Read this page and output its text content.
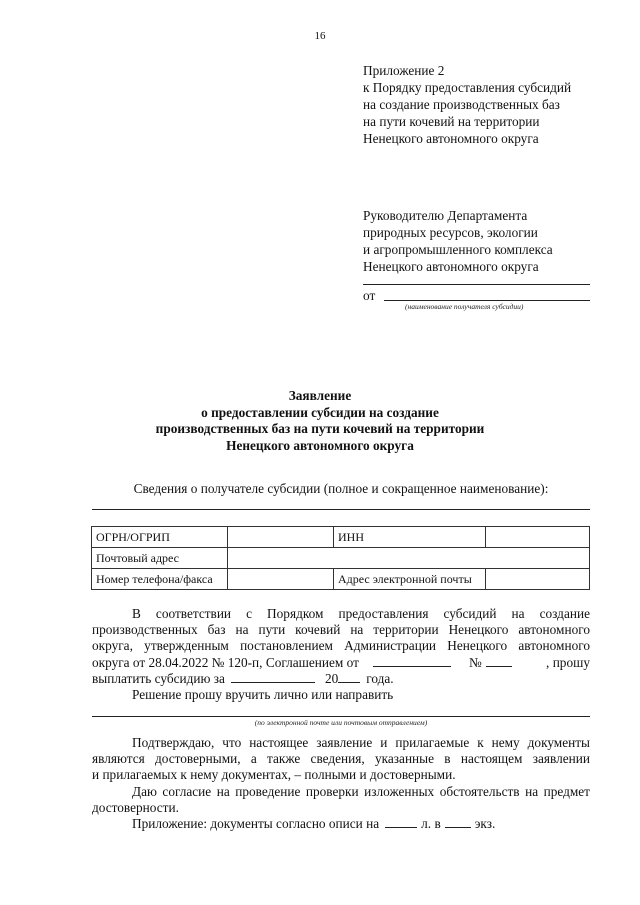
16
Приложение 2
к Порядку предоставления субсидий
на создание производственных баз
на пути кочевий на территории
Ненецкого автономного округа
Руководителю Департамента
природных ресурсов, экологии
и агропромышленного комплекса
Ненецкого автономного округа
от
(наименование получателя субсидии)
Заявление
о предоставлении субсидии на создание
производственных баз на пути кочевий на территории
Ненецкого автономного округа
Сведения о получателе субсидии (полное и сокращенное наименование):
ОГРН/ОГРИП		ИНН	
Почтовый адрес			
Номер телефона/факса		Адрес электронной почты	
В соответствии с Порядком предоставления субсидий на создание
производственных баз на пути кочевий на территории Ненецкого автономного
округа, утвержденным постановлением Администрации Ненецкого автономного
округа от 28.04.2022 № 120-п, Соглашением от	№	, прошу
выплатить субсидию за	20 года.
Решение прошу вручить лично или направить
(по электронной почте или почтовым отправлением)
Подтверждаю, что настоящее заявление и прилагаемые к нему документы
являются достоверными, а также сведения, указанные в настоящем заявлении
и прилагаемых к нему документах, – полными и достоверными.
Даю согласие на проведение проверки изложенных обстоятельств на предмет
достоверности.
Приложение: документы согласно описи на	л. в	экз.
